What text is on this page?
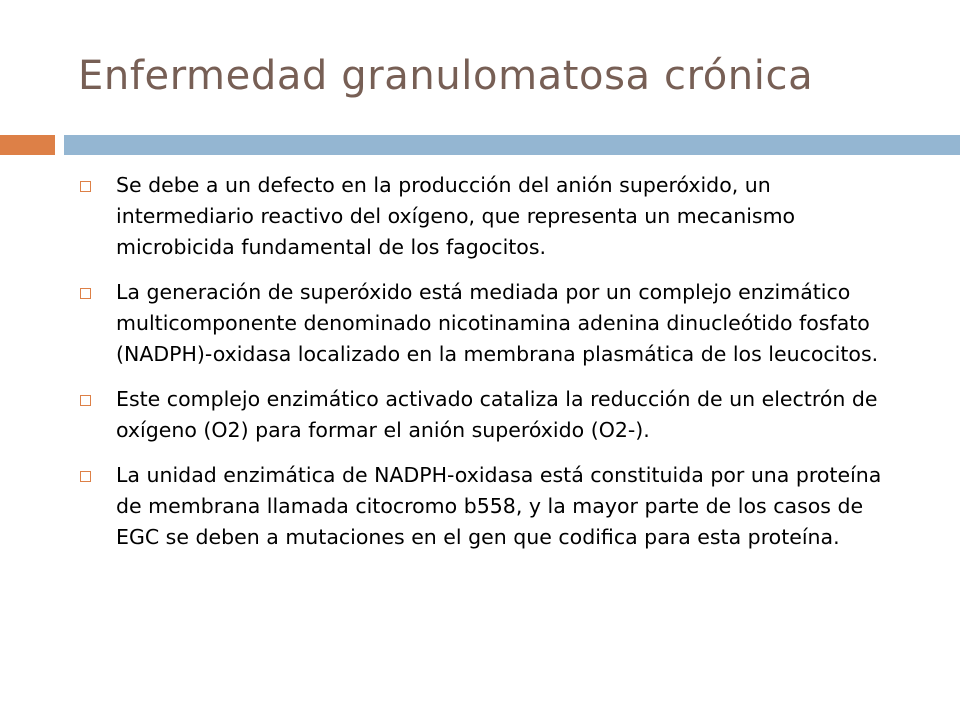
Enfermedad granulomatosa crónica
Se debe a un defecto en la producción del anión superóxido, un intermediario reactivo del oxígeno, que representa un mecanismo microbicida fundamental de los fagocitos.
La generación de superóxido está mediada por un complejo enzimático multicomponente denominado nicotinamina adenina dinucleótido fosfato (NADPH)-oxidasa localizado en la membrana plasmática de los leucocitos.
Este complejo enzimático activado cataliza la reducción de un electrón de oxígeno (O2) para formar el anión superóxido (O2-).
La unidad enzimática de NADPH-oxidasa está constituida por una proteína de membrana llamada citocromo b558, y la mayor parte de los casos de EGC se deben a mutaciones en el gen que codifica para esta proteína.
